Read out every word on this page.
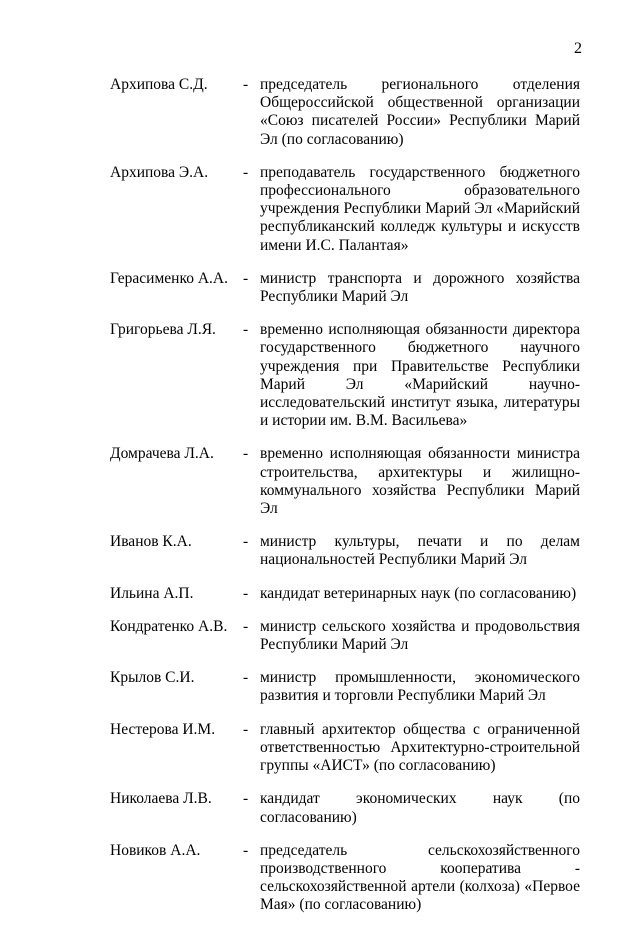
2
Архипова С.Д.	- председатель регионального отделения Общероссийской общественной организации «Союз писателей России» Республики Марий Эл (по согласованию)
Архипова Э.А.	- преподаватель государственного бюджетного профессионального образовательного учреждения Республики Марий Эл «Марийский республиканский колледж культуры и искусств имени И.С. Палантая»
Герасименко А.А. - министр транспорта и дорожного хозяйства Республики Марий Эл
Григорьева Л.Я.	- временно исполняющая обязанности директора государственного бюджетного научного учреждения при Правительстве Республики Марий Эл «Марийский научно-исследовательский институт языка, литературы и истории им. В.М. Васильева»
Домрачева Л.А.	- временно исполняющая обязанности министра строительства, архитектуры и жилищно-коммунального хозяйства Республики Марий Эл
Иванов К.А.	- министр культуры, печати и по делам национальностей Республики Марий Эл
Ильина А.П.	- кандидат ветеринарных наук (по согласованию)
Кондратенко А.В.	- министр сельского хозяйства и продовольствия Республики Марий Эл
Крылов С.И.	- министр промышленности, экономического развития и торговли Республики Марий Эл
Нестерова И.М.	- главный архитектор общества с ограниченной ответственностью Архитектурно-строительной группы «АИСТ» (по согласованию)
Николаева Л.В.	- кандидат экономических наук (по согласованию)
Новиков А.А.	- председатель сельскохозяйственного производственного кооператива - сельскохозяйственной артели (колхоза) «Первое Мая» (по согласованию)
